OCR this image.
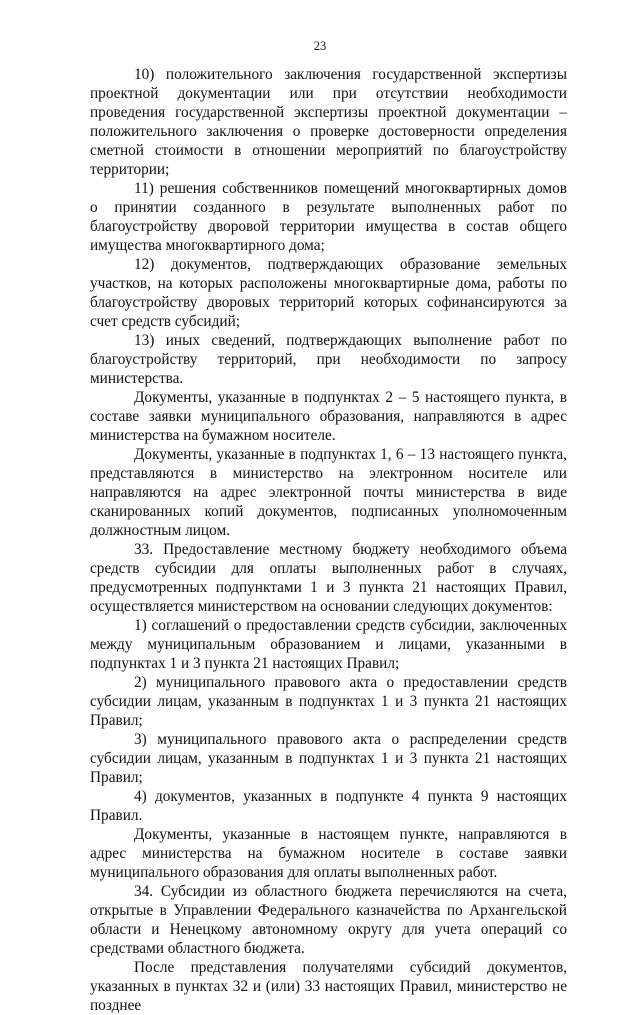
23

10) положительного заключения государственной экспертизы проектной документации или при отсутствии необходимости проведения государственной экспертизы проектной документации – положительного заключения о проверке достоверности определения сметной стоимости в отношении мероприятий по благоустройству территории;

11) решения собственников помещений многоквартирных домов о принятии созданного в результате выполненных работ по благоустройству дворовой территории имущества в состав общего имущества многоквартирного дома;

12) документов, подтверждающих образование земельных участков, на которых расположены многоквартирные дома, работы по благоустройству дворовых территорий которых софинансируются за счет средств субсидий;

13) иных сведений, подтверждающих выполнение работ по благоустройству территорий, при необходимости по запросу министерства.

Документы, указанные в подпунктах 2 – 5 настоящего пункта, в составе заявки муниципального образования, направляются в адрес министерства на бумажном носителе.

Документы, указанные в подпунктах 1, 6 – 13 настоящего пункта, представляются в министерство на электронном носителе или направляются на адрес электронной почты министерства в виде сканированных копий документов, подписанных уполномоченным должностным лицом.

33. Предоставление местному бюджету необходимого объема средств субсидии для оплаты выполненных работ в случаях, предусмотренных подпунктами 1 и 3 пункта 21 настоящих Правил, осуществляется министерством на основании следующих документов:

1) соглашений о предоставлении средств субсидии, заключенных между муниципальным образованием и лицами, указанными в подпунктах 1 и 3 пункта 21 настоящих Правил;

2) муниципального правового акта о предоставлении средств субсидии лицам, указанным в подпунктах 1 и 3 пункта 21 настоящих Правил;

3) муниципального правового акта о распределении средств субсидии лицам, указанным в подпунктах 1 и 3 пункта 21 настоящих Правил;

4) документов, указанных в подпункте 4 пункта 9 настоящих Правил.

Документы, указанные в настоящем пункте, направляются в адрес министерства на бумажном носителе в составе заявки муниципального образования для оплаты выполненных работ.

34. Субсидии из областного бюджета перечисляются на счета, открытые в Управлении Федерального казначейства по Архангельской области и Ненецкому автономному округу для учета операций со средствами областного бюджета.

После представления получателями субсидий документов, указанных в пунктах 32 и (или) 33 настоящих Правил, министерство не позднее
